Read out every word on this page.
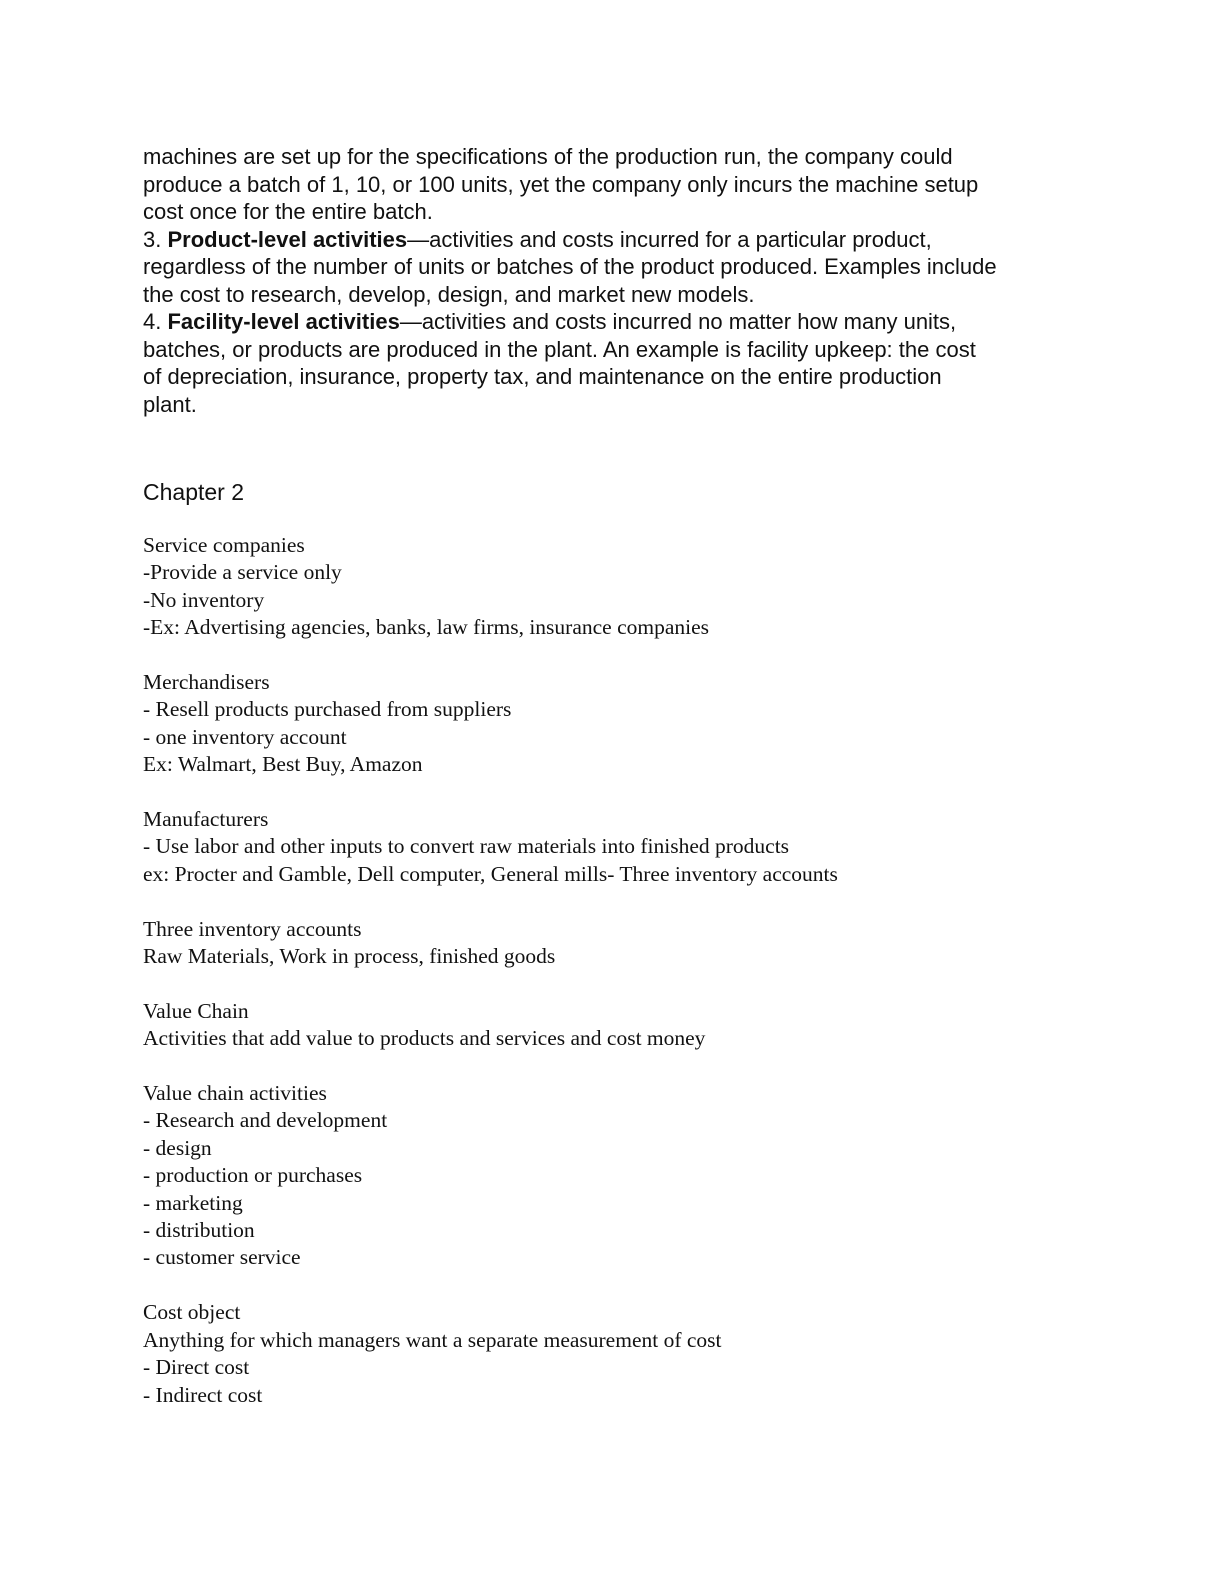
machines are set up for the specifications of the production run, the company could

produce a batch of 1, 10, or 100 units, yet the company only incurs the machine setup

cost once for the entire batch.

3. Product-level activities—activities and costs incurred for a particular product,

regardless of the number of units or batches of the product produced. Examples include

the cost to research, develop, design, and market new models.

4. Facility-level activities—activities and costs incurred no matter how many units,

batches, or products are produced in the plant. An example is facility upkeep: the cost

of depreciation, insurance, property tax, and maintenance on the entire production

plant.

Chapter 2
Service companies
-Provide a service only
-No inventory
-Ex: Advertising agencies, banks, law firms, insurance companies
Merchandisers
- Resell products purchased from suppliers
- one inventory account
Ex: Walmart, Best Buy, Amazon
Manufacturers
- Use labor and other inputs to convert raw materials into finished products
ex: Procter and Gamble, Dell computer, General mills- Three inventory accounts
Three inventory accounts
Raw Materials, Work in process, finished goods
Value Chain
Activities that add value to products and services and cost money
Value chain activities
- Research and development
- design
- production or purchases
- marketing
- distribution
- customer service
Cost object
Anything for which managers want a separate measurement of cost
- Direct cost
- Indirect cost
